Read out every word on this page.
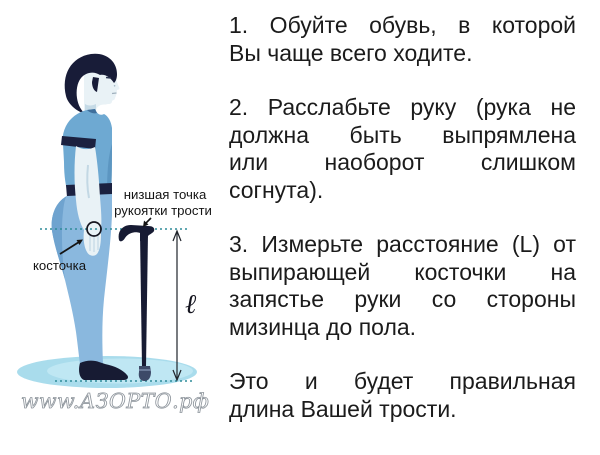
низшая точка
рукоятки трости
косточка
ℓ
www.АЗОРТО.рф
1. Обуйте обувь, в которой
Вы чаще всего ходите.
2. Расслабьте руку (рука не
должна быть выпрямлена
или наоборот слишком
согнута).
3. Измерьте расстояние (L) от
выпирающей косточки на
запястье руки со стороны
мизинца до пола.
Это и будет правильная
длина Вашей трости.
